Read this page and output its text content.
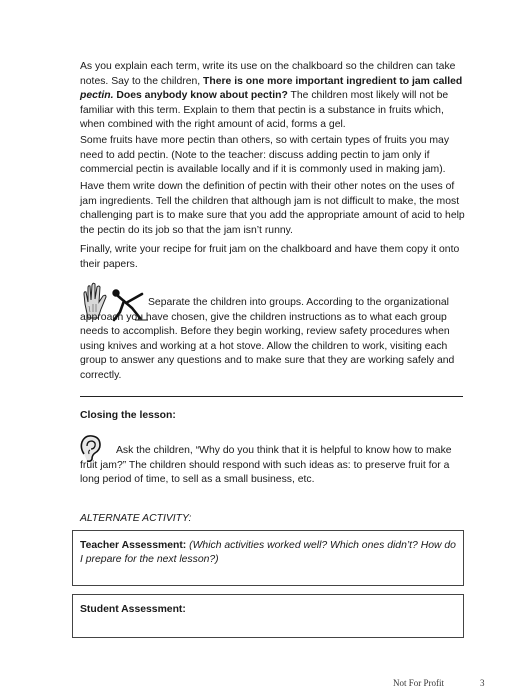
As you explain each term, write its use on the chalkboard so the children can take notes. Say to the children, There is one more important ingredient to jam called pectin. Does anybody know about pectin? The children most likely will not be familiar with this term. Explain to them that pectin is a substance in fruits which, when combined with the right amount of acid, forms a gel.

Some fruits have more pectin than others, so with certain types of fruits you may need to add pectin. (Note to the teacher: discuss adding pectin to jam only if commercial pectin is available locally and if it is commonly used in making jam).

Have them write down the definition of pectin with their other notes on the uses of jam ingredients. Tell the children that although jam is not difficult to make, the most challenging part is to make sure that you add the appropriate amount of acid to help the pectin do its job so that the jam isn’t runny.

Finally, write your recipe for fruit jam on the chalkboard and have them copy it onto their papers.

Separate the children into groups. According to the organizational approach you have chosen, give the children instructions as to what each group needs to accomplish. Before they begin working, review safety procedures when using knives and working at a hot stove. Allow the children to work, visiting each group to answer any questions and to make sure that they are working safely and correctly.

Closing the lesson:

Ask the children, “Why do you think that it is helpful to know how to make fruit jam?” The children should respond with such ideas as: to preserve fruit for a long period of time, to sell as a small business, etc.

ALTERNATE ACTIVITY:

Teacher Assessment: (Which activities worked well? Which ones didn’t? How do I prepare for the next lesson?)

Student Assessment:

Not For Profit	3
